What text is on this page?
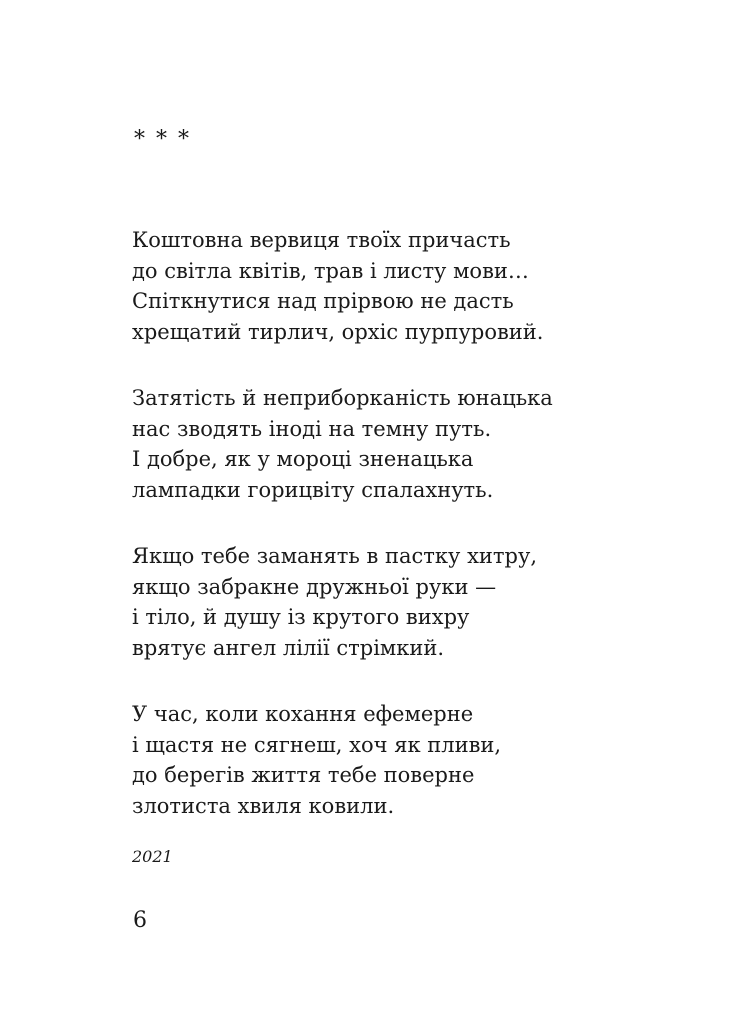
* * *
Коштовна вервиця твоїх причасть
до світла квітів, трав і листу мови…
Спіткнутися над прірвою не дасть
хрещатий тирлич, орхіс пурпуровий.
Затятість й неприборканість юнацька
нас зводять іноді на темну путь.
І добре, як у мороці зненацька
лампадки горицвіту спалахнуть.
Якщо тебе заманять в пастку хитру,
якщо забракне дружньої руки —
і тіло, й душу із крутого вихру
врятує ангел лілії стрімкий.
У час, коли кохання ефемерне
і щастя не сягнеш, хоч як пливи,
до берегів життя тебе поверне
злотиста хвиля ковили.
2021
6
